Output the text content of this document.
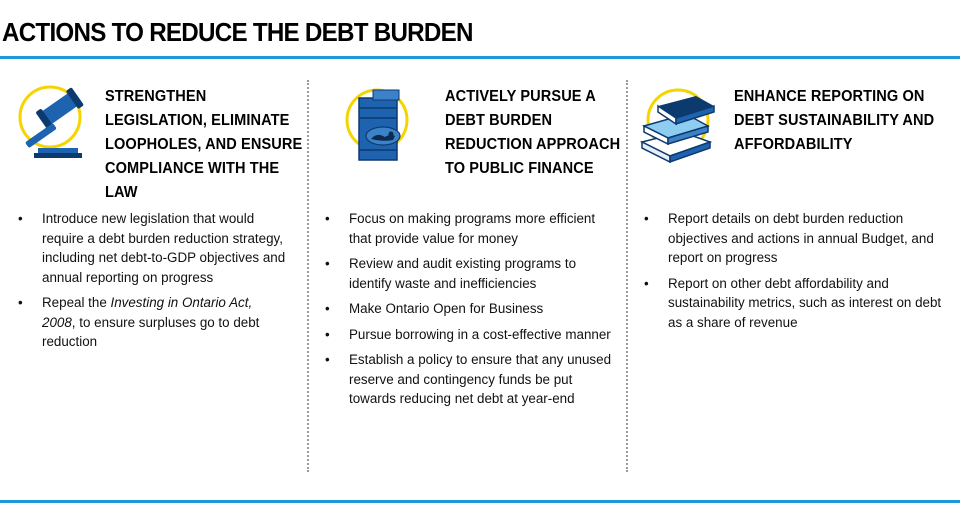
ACTIONS TO REDUCE THE DEBT BURDEN
STRENGTHEN LEGISLATION, ELIMINATE LOOPHOLES, AND ENSURE COMPLIANCE WITH THE LAW
• Introduce new legislation that would require a debt burden reduction strategy, including net debt-to-GDP objectives and annual reporting on progress
• Repeal the Investing in Ontario Act, 2008, to ensure surpluses go to debt reduction
ACTIVELY PURSUE A DEBT BURDEN REDUCTION APPROACH TO PUBLIC FINANCE
• Focus on making programs more efficient that provide value for money
• Review and audit existing programs to identify waste and inefficiencies
• Make Ontario Open for Business
• Pursue borrowing in a cost-effective manner
• Establish a policy to ensure that any unused reserve and contingency funds be put towards reducing net debt at year-end
ENHANCE REPORTING ON DEBT SUSTAINABILITY AND AFFORDABILITY
• Report details on debt burden reduction objectives and actions in annual Budget, and report on progress
• Report on other debt affordability and sustainability metrics, such as interest on debt as a share of revenue
